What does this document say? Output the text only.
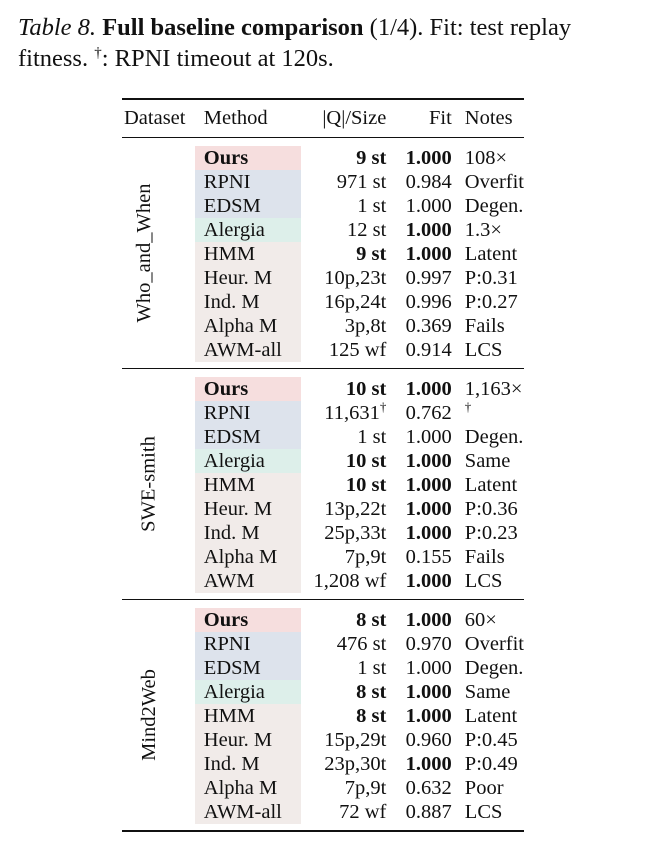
Table 8. Full baseline comparison (1/4). Fit: test replay fitness. †: RPNI timeout at 120s.

Dataset	Method	|Q|/Size	Fit	Notes

Who_and_When	Ours	9 st	1.000	108×

	RPNI	971 st	0.984	Overfit

	EDSM	1 st	1.000	Degen.

	Alergia	12 st	1.000	1.3×

	HMM	9 st	1.000	Latent

	Heur. M	10p,23t	0.997	P:0.31

	Ind. M	16p,24t	0.996	P:0.27

	Alpha M	3p,8t	0.369	Fails

	AWM-all	125 wf	0.914	LCS

SWE-smith	Ours	10 st	1.000	1,163×

	RPNI	11,631†	0.762	†

	EDSM	1 st	1.000	Degen.

	Alergia	10 st	1.000	Same

	HMM	10 st	1.000	Latent

	Heur. M	13p,22t	1.000	P:0.36

	Ind. M	25p,33t	1.000	P:0.23

	Alpha M	7p,9t	0.155	Fails

	AWM	1,208 wf	1.000	LCS

Mind2Web	Ours	8 st	1.000	60×

	RPNI	476 st	0.970	Overfit

	EDSM	1 st	1.000	Degen.

	Alergia	8 st	1.000	Same

	HMM	8 st	1.000	Latent

	Heur. M	15p,29t	0.960	P:0.45

	Ind. M	23p,30t	1.000	P:0.49

	Alpha M	7p,9t	0.632	Poor

	AWM-all	72 wf	0.887	LCS
